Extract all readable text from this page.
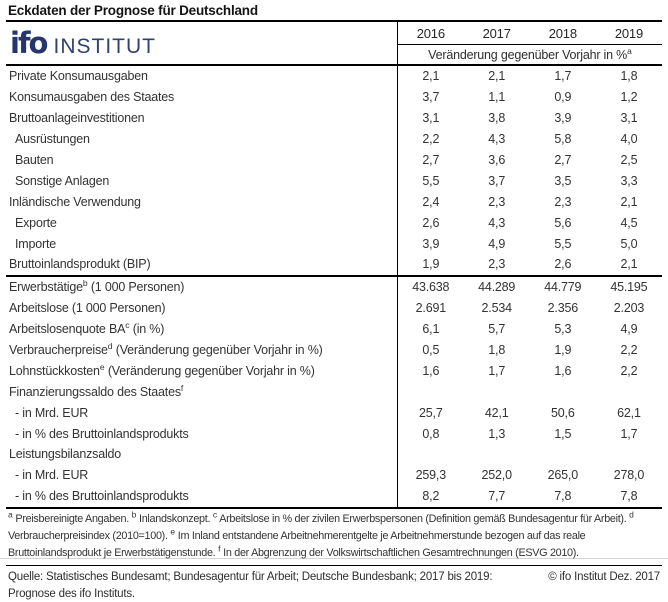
Eckdaten der Prognose für Deutschland
ifo INSTITUT	2016	2017	2018	2019
	Veränderung gegenüber Vorjahr in %$^a$
Private Konsumausgaben	2,1	2,1	1,7	1,8
Konsumausgaben des Staates	3,7	1,1	0,9	1,2
Bruttoanlageinvestitionen	3,1	3,8	3,9	3,1
Ausrüstungen	2,2	4,3	5,8	4,0
Bauten	2,7	3,6	2,7	2,5
Sonstige Anlagen	5,5	3,7	3,5	3,3
Inländische Verwendung	2,4	2,3	2,3	2,1
Exporte	2,6	4,3	5,6	4,5
Importe	3,9	4,9	5,5	5,0
Bruttoinlandsprodukt (BIP)	1,9	2,3	2,6	2,1
Erwerbstätige$^b$ (1 000 Personen)	43.638	44.289	44.779	45.195
Arbeitslose (1 000 Personen)	2.691	2.534	2.356	2.203
Arbeitslosenquote $BA^c$ (in %)	6,1	5,7	5,3	4,9
Verbraucherpreise$^d$ (Veränderung gegenüber Vorjahr in %)	0,5	1,8	1,9	2,2
Lohnstückkosten$^e$ (Veränderung gegenüber Vorjahr in %)	1,6	1,7	1,6	2,2
Finanzierungssaldo des Staates$^f$				
- in Mrd. EUR	25,7	42,1	50,6	62,1
- in % des Bruttoinlandsprodukts	0,8	1,3	1,5	1,7
Leistungsbilanzsaldo				
- in Mrd. EUR	259,3	252,0	265,0	278,0
- in % des Bruttoinlandsprodukts	8,2	7,7	7,8	7,8
$^a$ Preisbereinigte Angaben. $^b$ Inlandskonzept. $^c$ Arbeitslose in % der zivilen Erwerbspersonen (Definition gemäß Bundesagentur für Arbeit). $^d$ Verbraucherpreisindex (2010=100). $^e$ Im Inland entstandene Arbeitnehmerentgelte je Arbeitnehmerstunde bezogen auf das reale Bruttoinlandsprodukt je Erwerbstätigenstunde. $^f$ In der Abgrenzung der Volkswirtschaftlichen Gesamtrechnungen (ESVG 2010).
Quelle: Statistisches Bundesamt; Bundesagentur für Arbeit; Deutsche Bundesbank; 2017 bis 2019: Prognose des ifo Instituts.
© ifo Institut Dez. 2017
